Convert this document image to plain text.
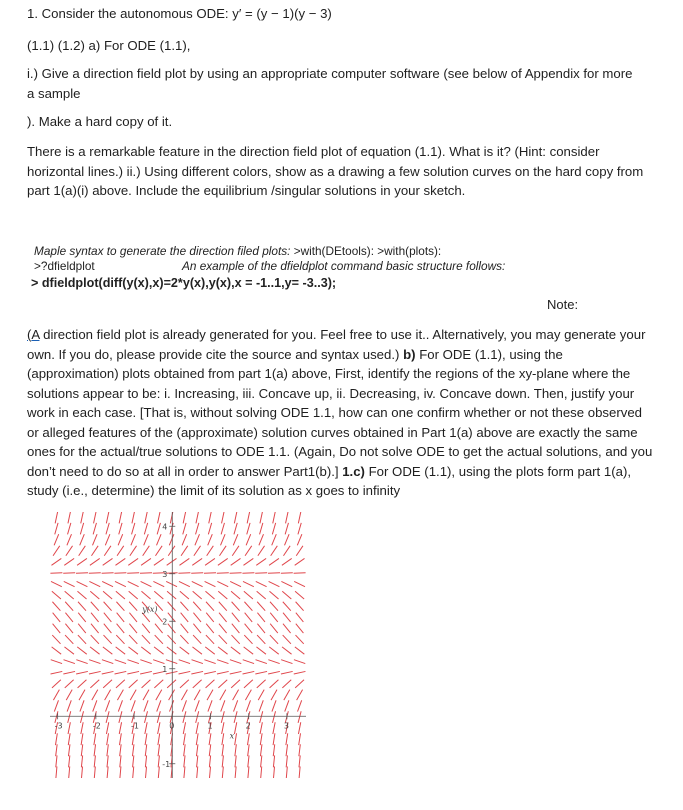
1. Consider the autonomous ODE: y′ = (y − 1)(y − 3)
(1.1) (1.2) a) For ODE (1.1),
i.) Give a direction field plot by using an appropriate computer software (see below of Appendix for more a sample
). Make a hard copy of it.
There is a remarkable feature in the direction field plot of equation (1.1). What is it? (Hint: consider horizontal lines.) ii.) Using different colors, show as a drawing a few solution curves on the hard copy from part 1(a)(i) above. Include the equilibrium /singular solutions in your sketch.
Maple syntax to generate the direction filed plots: >with(DEtools): >with(plots):
>?dfieldplot	An example of the dfieldplot command basic structure follows:
> dfieldplot(diff(y(x),x)=2*y(x),y(x),x = -1..1,y= -3..3);
Note:
(A direction field plot is already generated for you. Feel free to use it.. Alternatively, you may generate your own. If you do, please provide cite the source and syntax used.) b) For ODE (1.1), using the (approximation) plots obtained from part 1(a) above, First, identify the regions of the xy-plane where the solutions appear to be: i. Increasing, iii. Concave up, ii. Decreasing, iv. Concave down. Then, justify your work in each case. [That is, without solving ODE 1.1, how can one confirm whether or not these observed or alleged features of the (approximate) solution curves obtained in Part 1(a) above are exactly the same ones for the actual/true solutions to ODE 1.1. (Again, Do not solve ODE to get the actual solutions, and you don’t need to do so at all in order to answer Part1(b).] 1.c) For ODE (1.1), using the plots form part 1(a), study (i.e., determine) the limit of its solution as x goes to infinity
-3	-2	-1	0	1	2	3
4
3
2
1
-1
y(x)
x
